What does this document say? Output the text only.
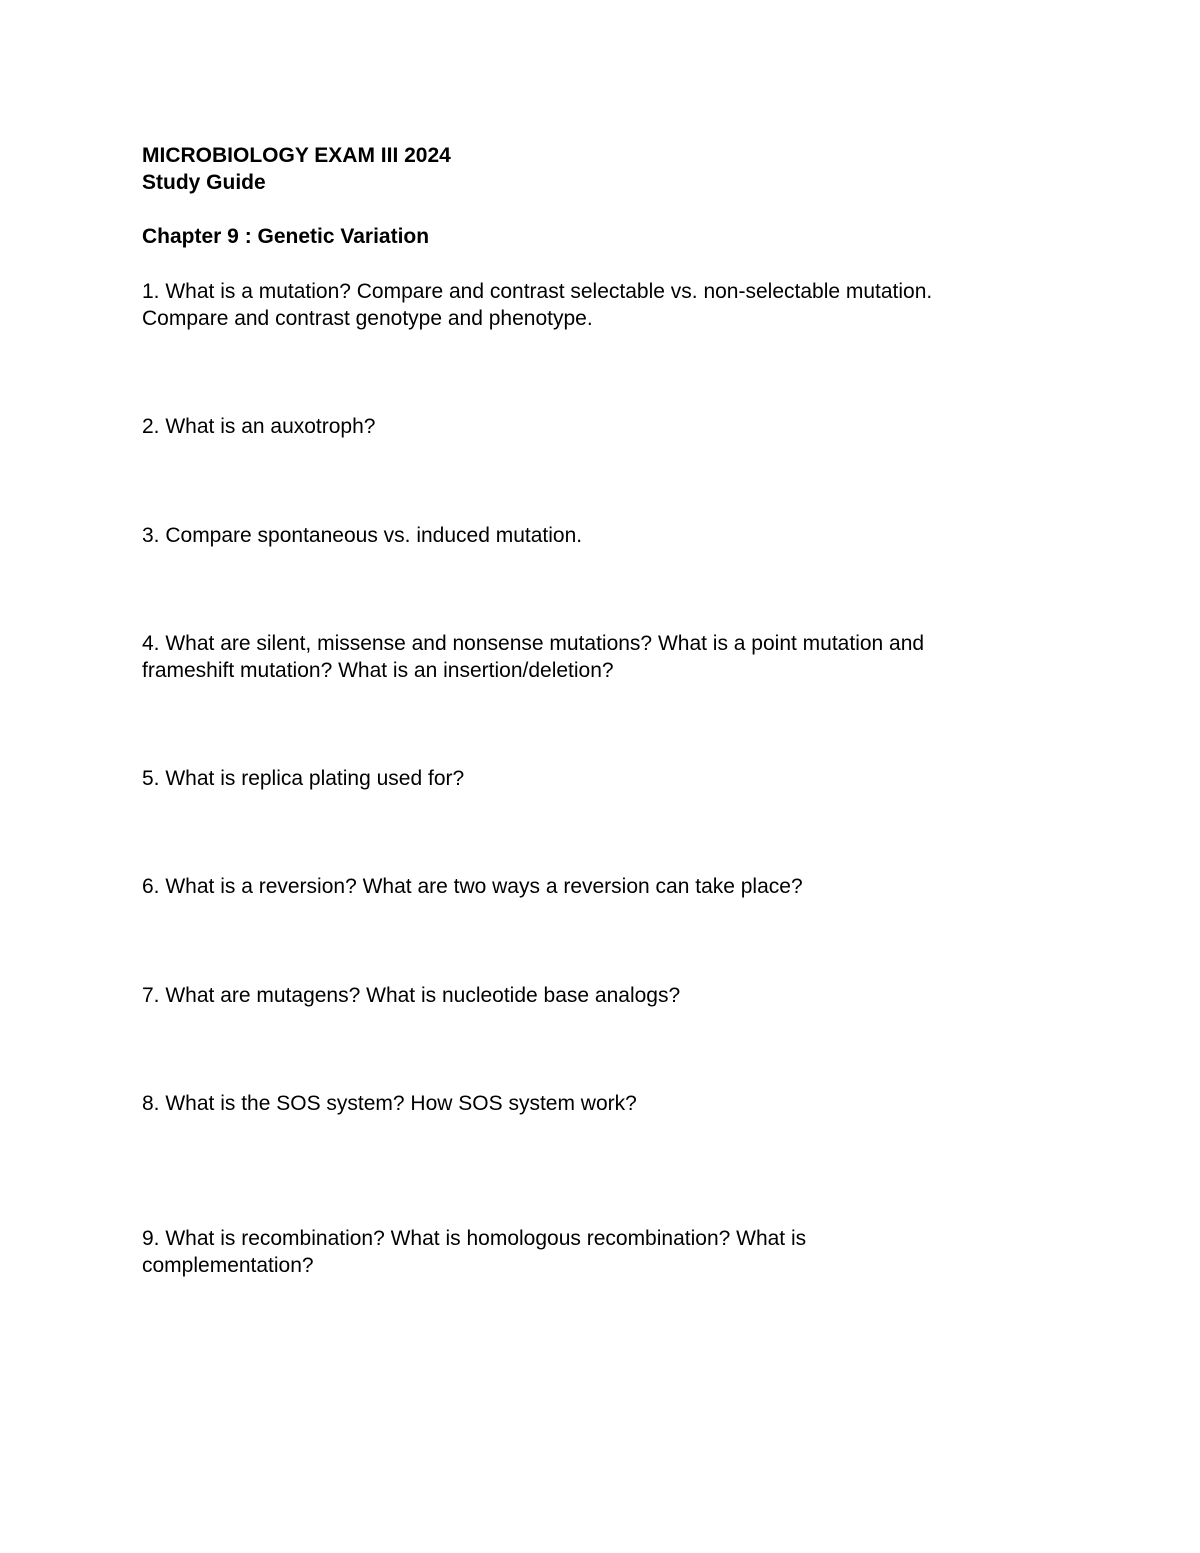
MICROBIOLOGY EXAM III 2024

Study Guide

Chapter 9 : Genetic Variation

1. What is a mutation? Compare and contrast selectable vs. non-selectable mutation.

Compare and contrast genotype and phenotype.

2. What is an auxotroph?

3. Compare spontaneous vs. induced mutation.

4. What are silent, missense and nonsense mutations? What is a point mutation and

frameshift mutation? What is an insertion/deletion?

5. What is replica plating used for?

6. What is a reversion? What are two ways a reversion can take place?

7. What are mutagens? What is nucleotide base analogs?

8. What is the SOS system? How SOS system work?

9. What is recombination? What is homologous recombination? What is

complementation?
